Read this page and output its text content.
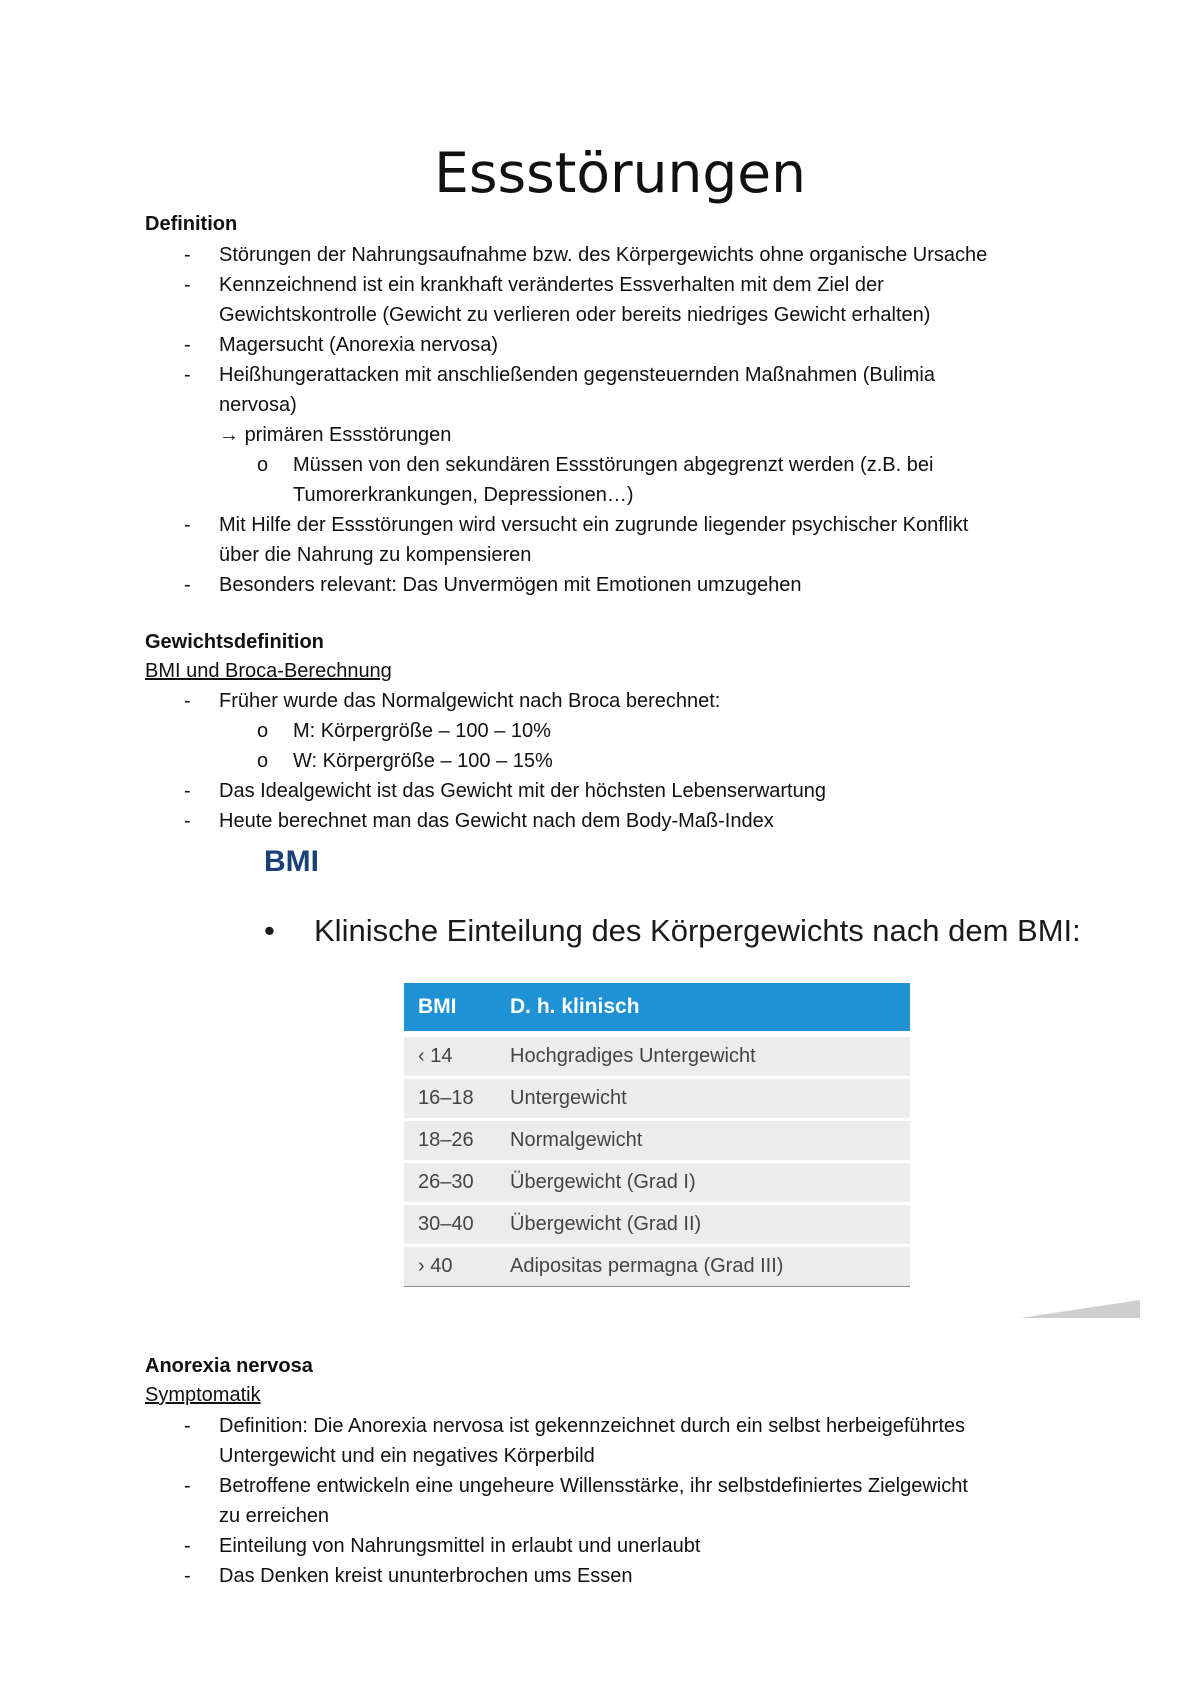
Essstörungen
Definition
- Störungen der Nahrungsaufnahme bzw. des Körpergewichts ohne organische Ursache
- Kennzeichnend ist ein krankhaft verändertes Essverhalten mit dem Ziel der
Gewichtskontrolle (Gewicht zu verlieren oder bereits niedriges Gewicht erhalten)
- Magersucht (Anorexia nervosa)
- Heißhungerattacken mit anschließenden gegensteuernden Maßnahmen (Bulimia
nervosa)
→ primären Essstörungen
o Müssen von den sekundären Essstörungen abgegrenzt werden (z.B. bei
Tumorerkrankungen, Depressionen…)
- Mit Hilfe der Essstörungen wird versucht ein zugrunde liegender psychischer Konflikt
über die Nahrung zu kompensieren
- Besonders relevant: Das Unvermögen mit Emotionen umzugehen
Gewichtsdefinition
BMI und Broca-Berechnung
- Früher wurde das Normalgewicht nach Broca berechnet:
o M: Körpergröße – 100 – 10%
o W: Körpergröße – 100 – 15%
- Das Idealgewicht ist das Gewicht mit der höchsten Lebenserwartung
- Heute berechnet man das Gewicht nach dem Body-Maß-Index
BMI
• Klinische Einteilung des Körpergewichts nach dem BMI:
BMI	D. h. klinisch
‹ 14	Hochgradiges Untergewicht
16–18	Untergewicht
18–26	Normalgewicht
26–30	Übergewicht (Grad I)
30–40	Übergewicht (Grad II)
› 40	Adipositas permagna (Grad III)
Anorexia nervosa
Symptomatik
- Definition: Die Anorexia nervosa ist gekennzeichnet durch ein selbst herbeigeführtes
Untergewicht und ein negatives Körperbild
- Betroffene entwickeln eine ungeheure Willensstärke, ihr selbstdefiniertes Zielgewicht
zu erreichen
- Einteilung von Nahrungsmittel in erlaubt und unerlaubt
- Das Denken kreist ununterbrochen ums Essen
